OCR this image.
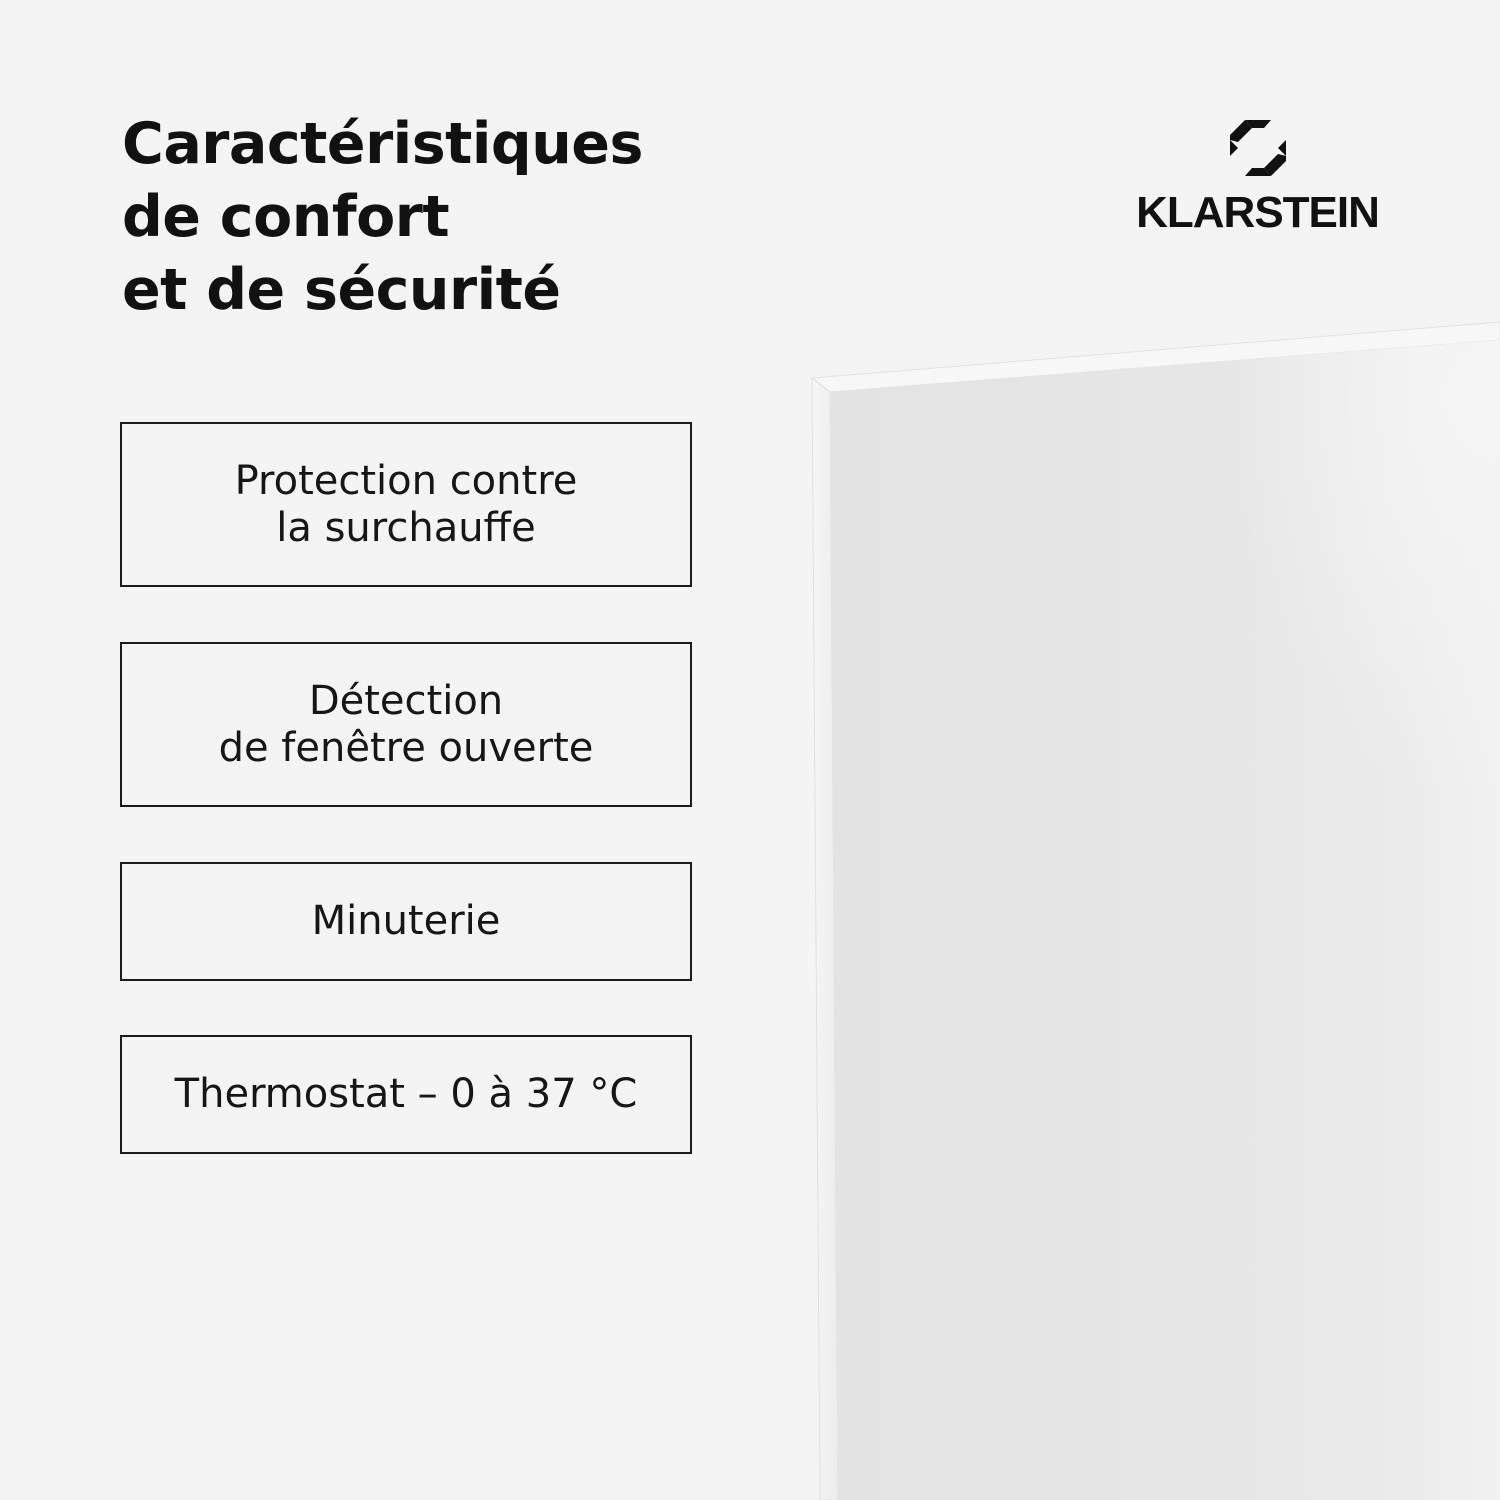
Caractéristiques
de confort
et de sécurité
KLARSTEIN
Protection contre
la surchauffe
Détection
de fenêtre ouverte
Minuterie
Thermostat – 0 à 37 °C
